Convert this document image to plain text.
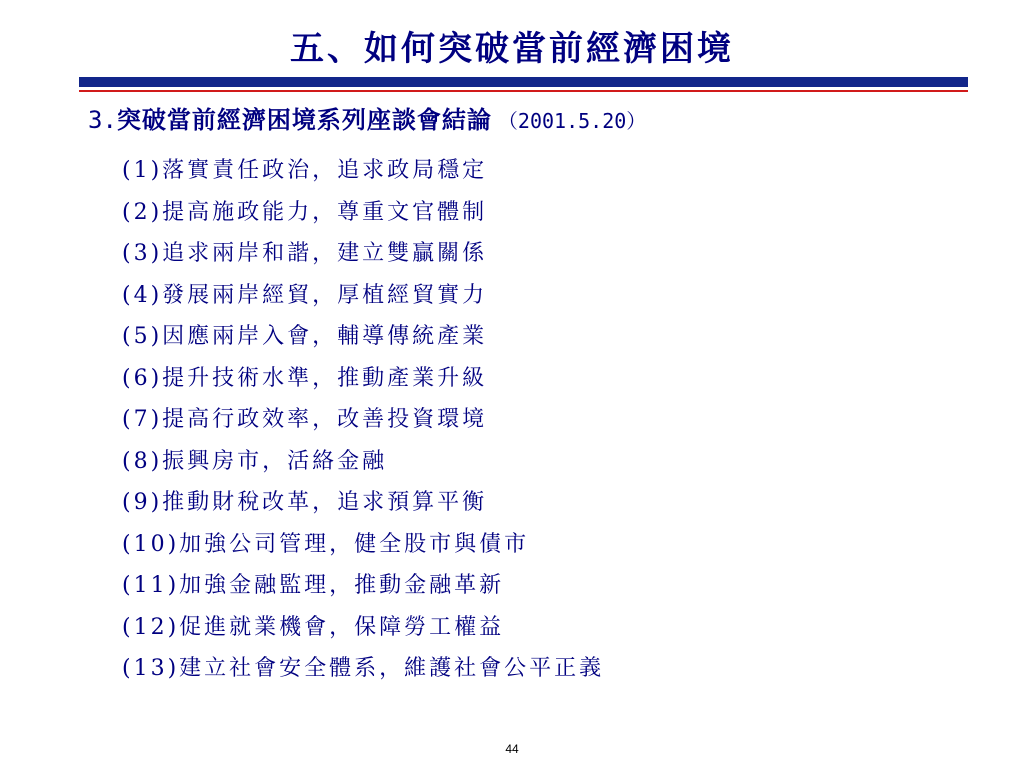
五、如何突破當前經濟困境
3.突破當前經濟困境系列座談會結論 （2001.5.20）
(1)落實責任政治，追求政局穩定
(2)提高施政能力，尊重文官體制
(3)追求兩岸和諧，建立雙贏關係
(4)發展兩岸經貿，厚植經貿實力
(5)因應兩岸入會，輔導傳統產業
(6)提升技術水準，推動產業升級
(7)提高行政效率，改善投資環境
(8)振興房市，活絡金融
(9)推動財稅改革，追求預算平衡
(10)加強公司管理，健全股市與債市
(11)加強金融監理，推動金融革新
(12)促進就業機會，保障勞工權益
(13)建立社會安全體系，維護社會公平正義
44
